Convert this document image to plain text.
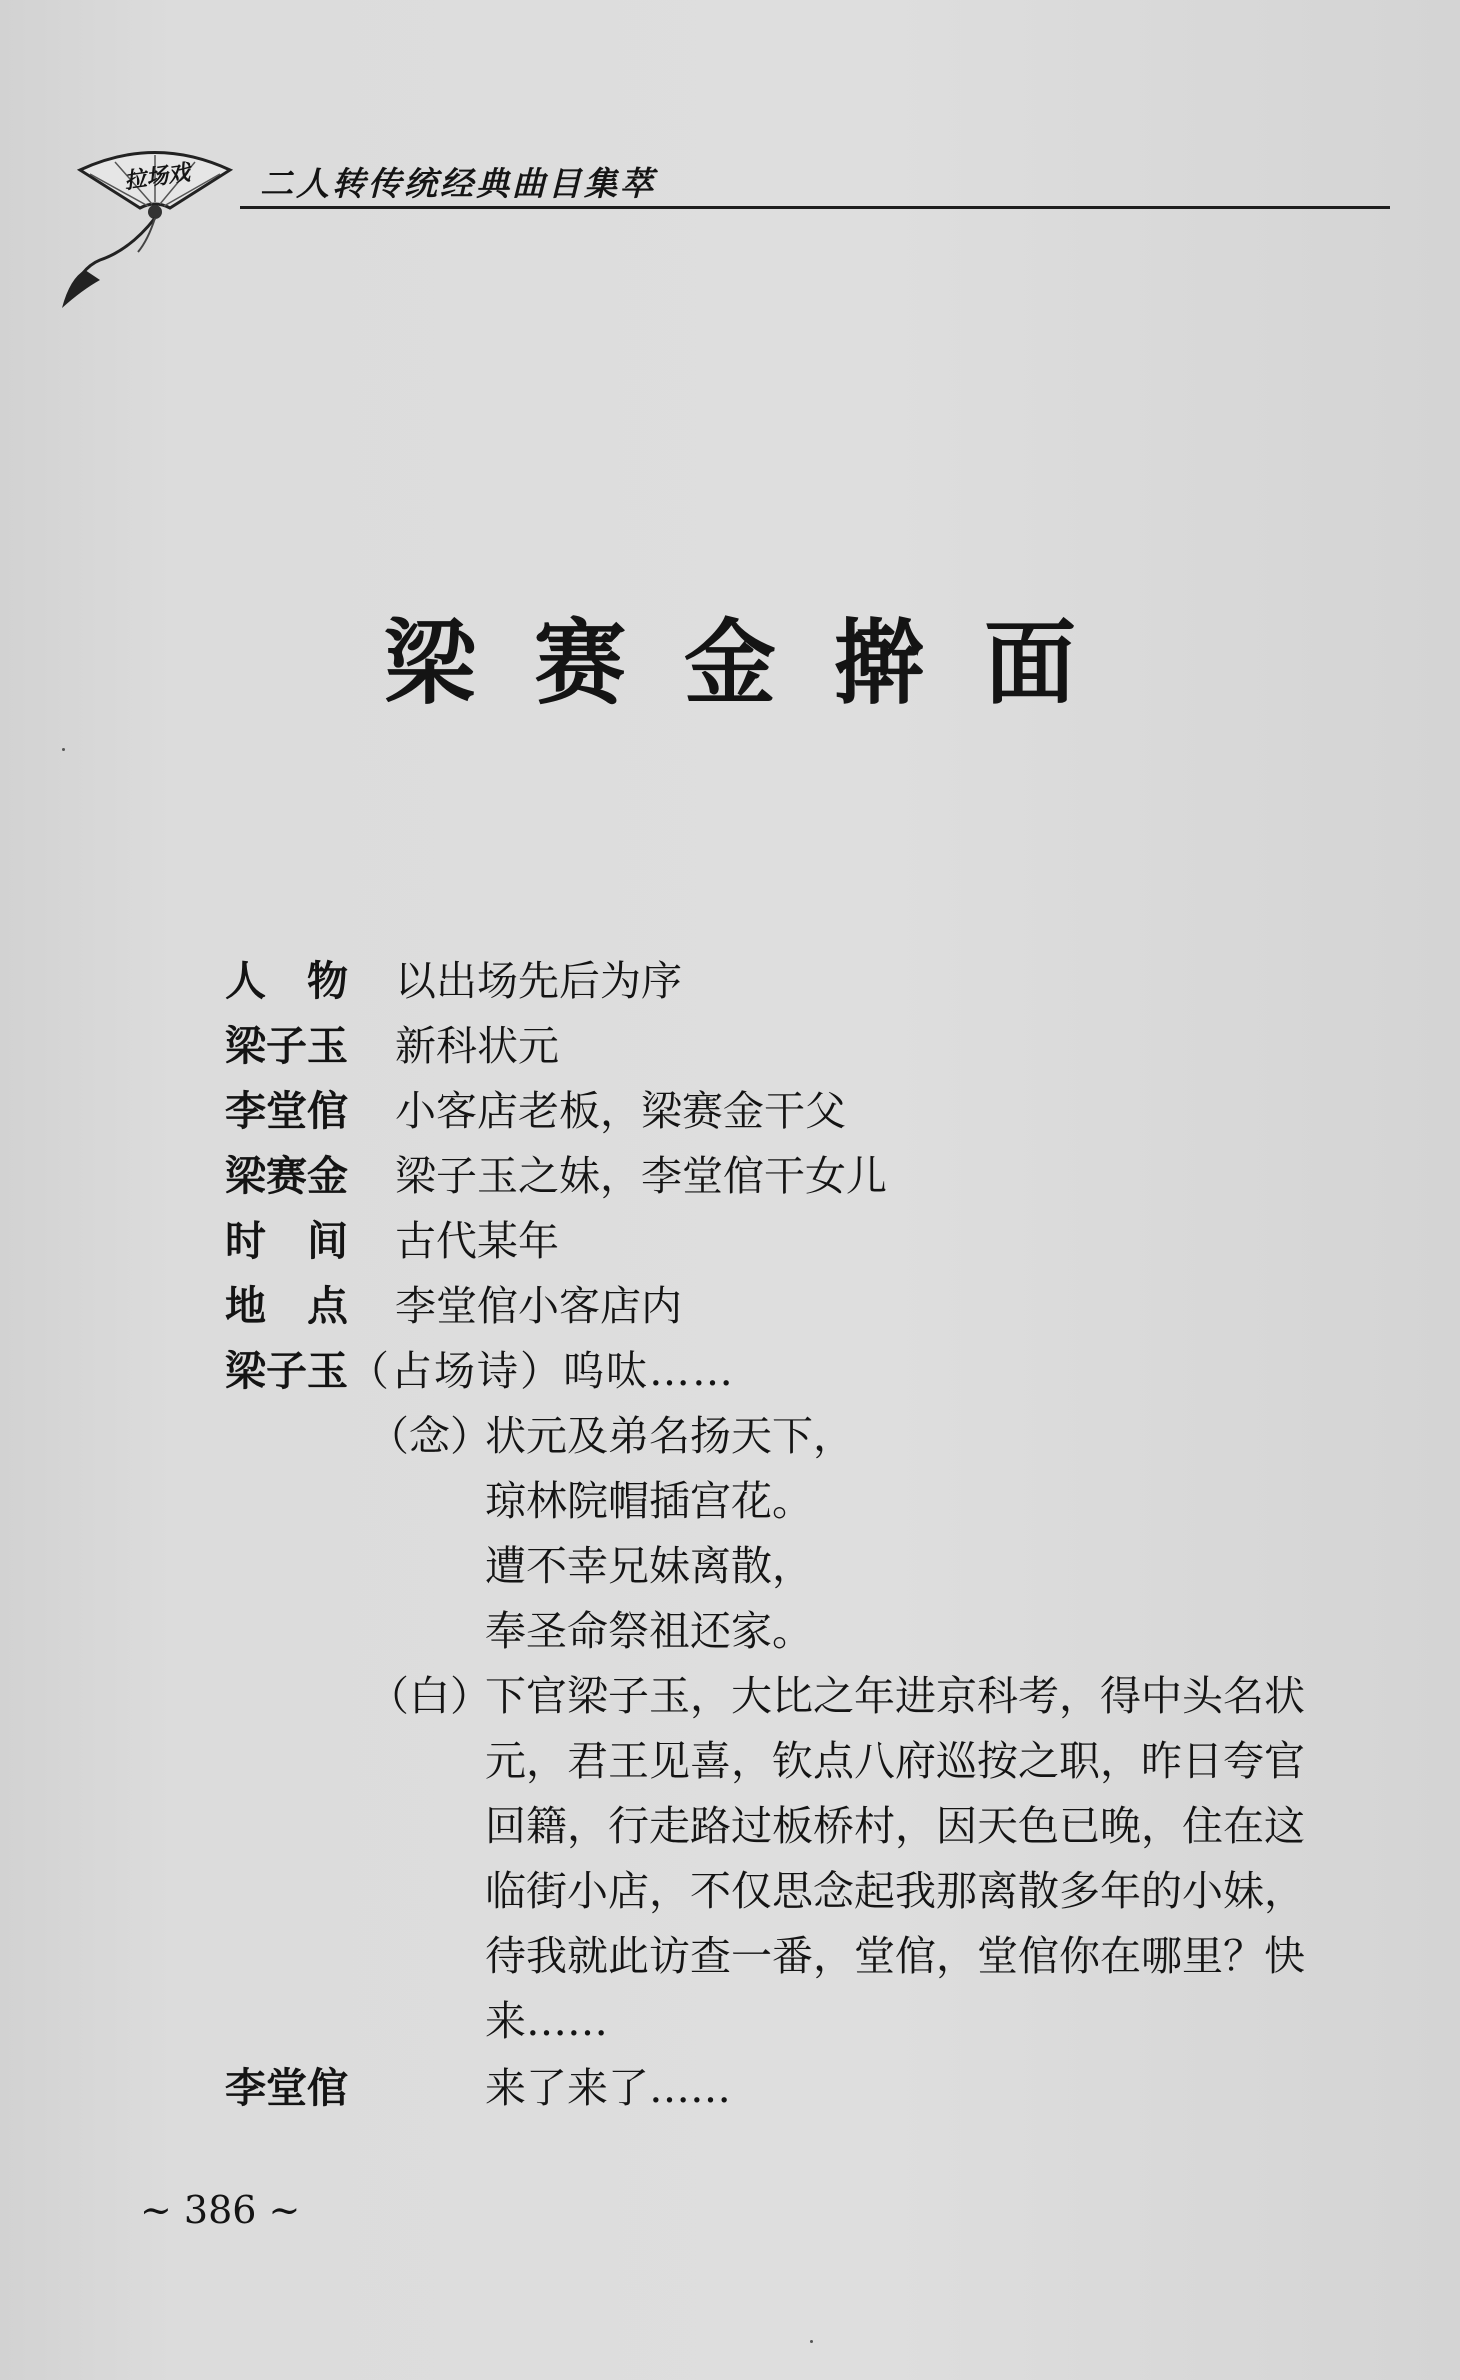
拉场戏	二人转传统经典曲目集萃
梁赛金擀面
人　物 以出场先后为序
梁子玉 新科状元
李堂倌 小客店老板，梁赛金干父
梁赛金 梁子玉之妹，李堂倌干女儿
时　间 古代某年
地　点 李堂倌小客店内
梁子玉（占场诗）呜呔……
（念）
状元及弟名扬天下，
琼林院帽插宫花。
遭不幸兄妹离散，
奉圣命祭祖还家。
（白）
下官梁子玉，大比之年进京科考，得中头名状
元，君王见喜，钦点八府巡按之职，昨日夸官
回籍，行走路过板桥村，因天色已晚，住在这
临街小店，不仅思念起我那离散多年的小妹，
待我就此访查一番，堂倌，堂倌你在哪里？快
来……
李堂倌	来了来了……
~ 386 ~
